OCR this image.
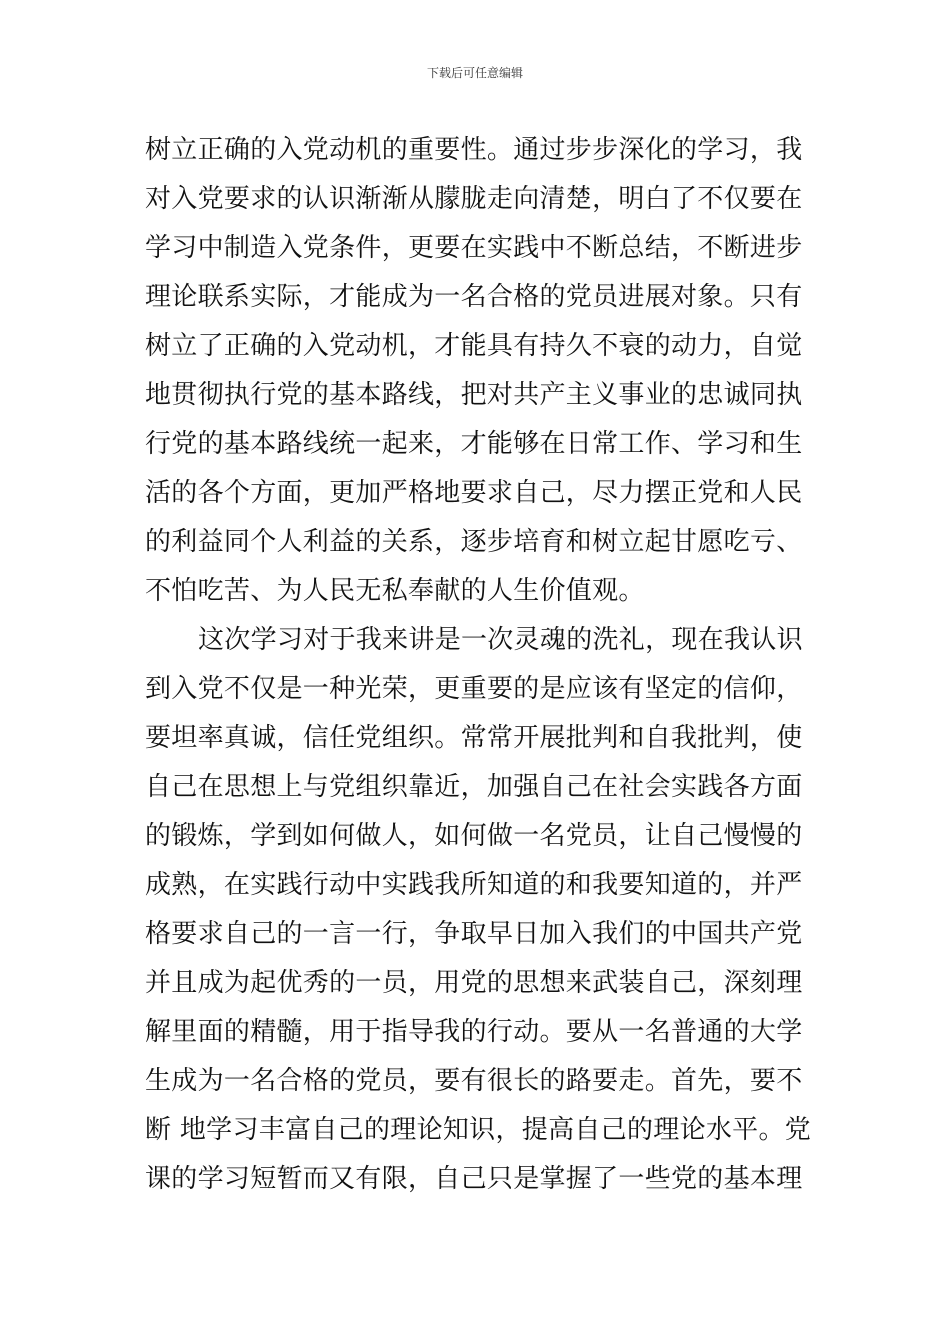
下载后可任意编辑
树立正确的入党动机的重要性。通过步步深化的学习，我
对入党要求的认识渐渐从朦胧走向清楚，明白了不仅要在
学习中制造入党条件，更要在实践中不断总结，不断进步
理论联系实际，才能成为一名合格的党员进展对象。只有
树立了正确的入党动机，才能具有持久不衰的动力，自觉
地贯彻执行党的基本路线，把对共产主义事业的忠诚同执
行党的基本路线统一起来，才能够在日常工作、学习和生
活的各个方面，更加严格地要求自己，尽力摆正党和人民
的利益同个人利益的关系，逐步培育和树立起甘愿吃亏、
不怕吃苦、为人民无私奉献的人生价值观。
这次学习对于我来讲是一次灵魂的洗礼，现在我认识
到入党不仅是一种光荣，更重要的是应该有坚定的信仰，
要坦率真诚，信任党组织。常常开展批判和自我批判，使
自己在思想上与党组织靠近，加强自己在社会实践各方面
的锻炼，学到如何做人，如何做一名党员，让自己慢慢的
成熟，在实践行动中实践我所知道的和我要知道的，并严
格要求自己的一言一行，争取早日加入我们的中国共产党
并且成为起优秀的一员，用党的思想来武装自己，深刻理
解里面的精髓，用于指导我的行动。要从一名普通的大学
生成为一名合格的党员，要有很长的路要走。首先，要不
断 地学习丰富自己的理论知识，提高自己的理论水平。党
课的学习短暂而又有限，自己只是掌握了一些党的基本理
